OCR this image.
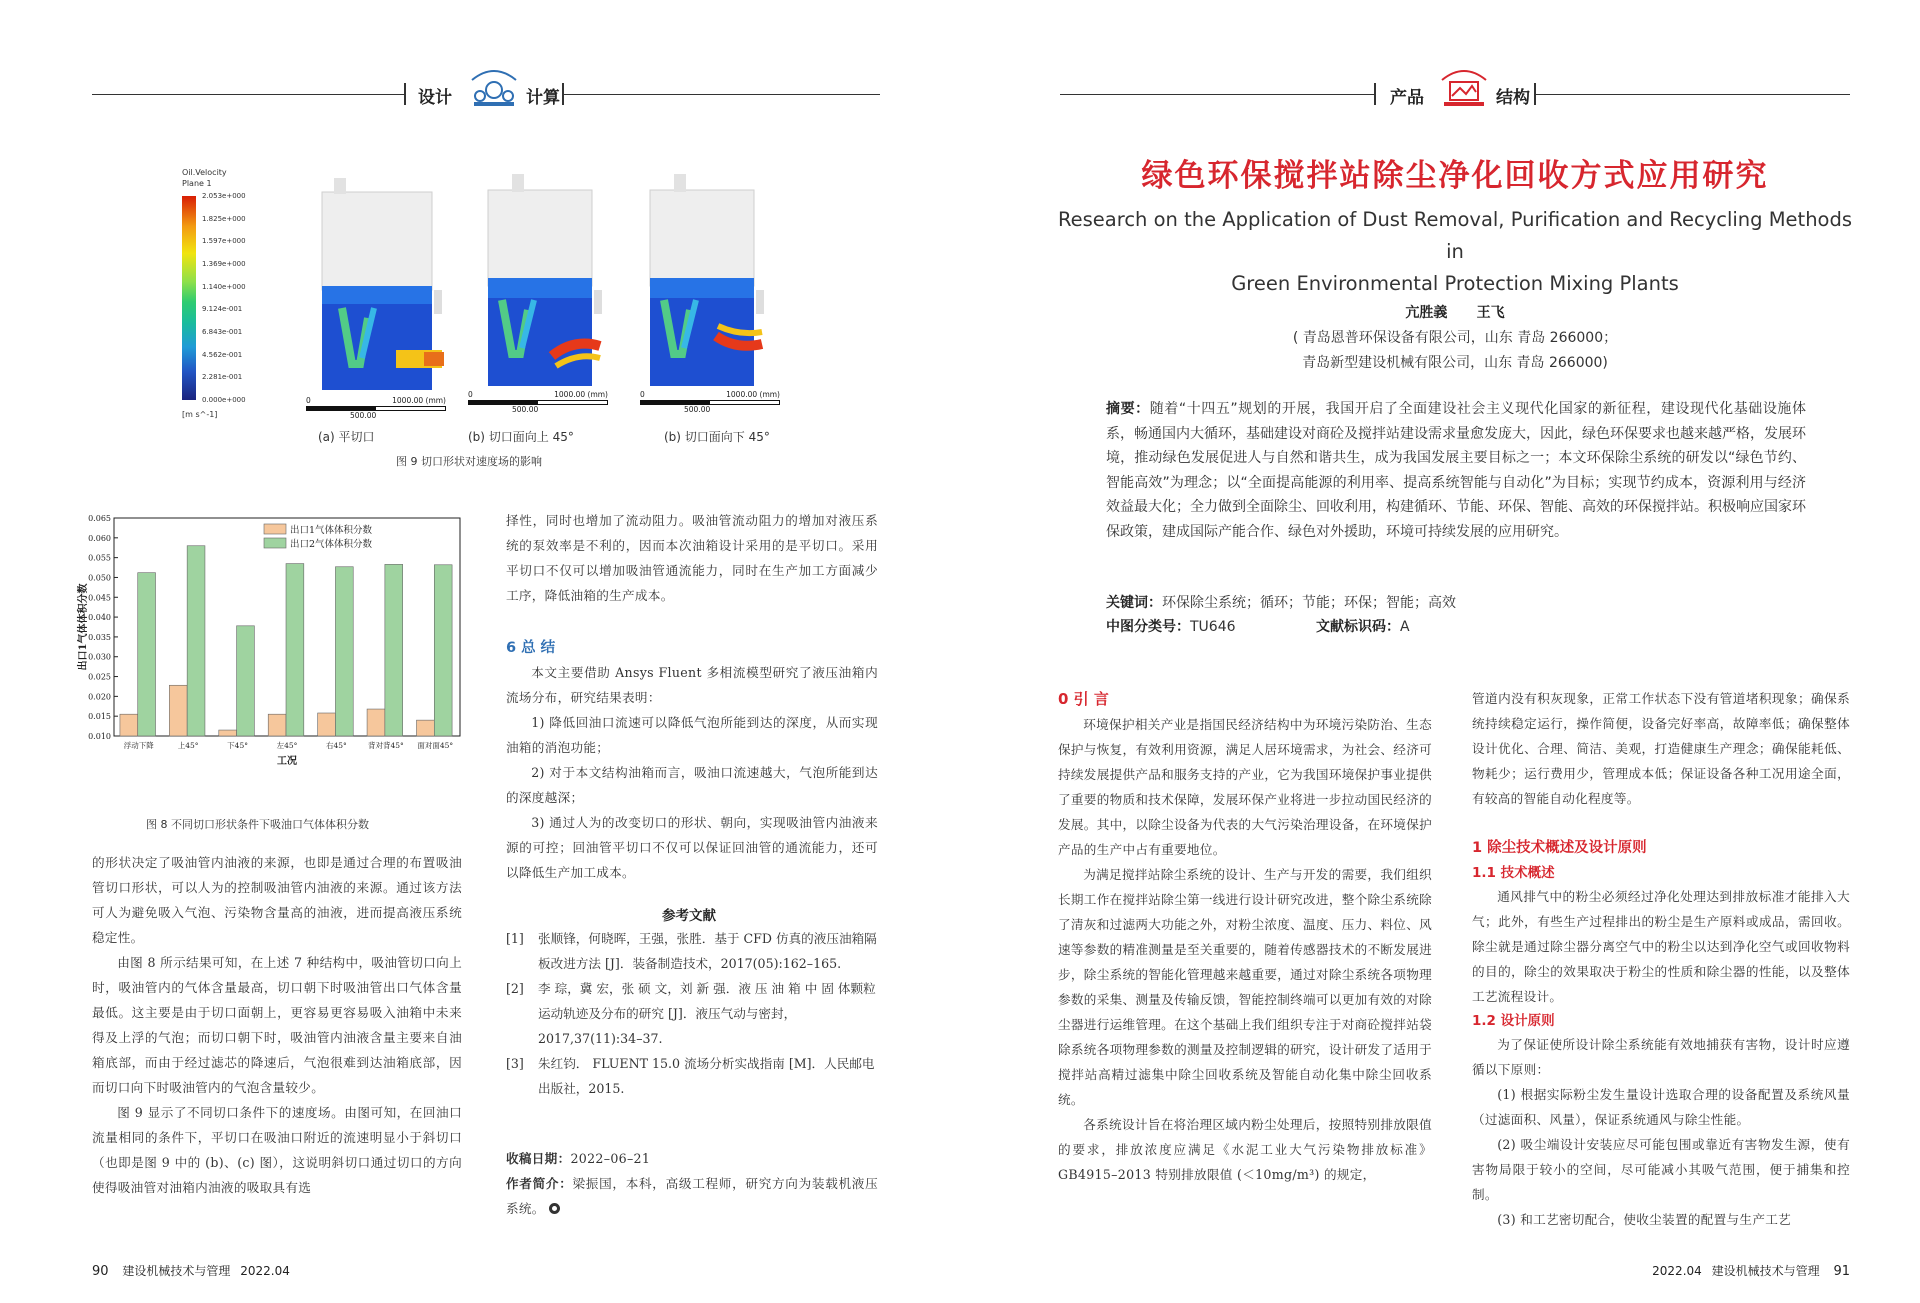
设计	计算	产品	结构
Oil.Velocity
Plane 1
2.053e+000
1.825e+000
1.597e+000
1.369e+000
1.140e+000
9.124e-001
6.843e-001
4.562e-001
2.281e-001
0.000e+000
[m s^-1]
0	1000.00 (mm)
500.00
0	1000.00 (mm)
500.00
0	1000.00 (mm)
500.00
(a) 平切口	(b) 切口面向上 45°	(b) 切口面向下 45°
图 9 切口形状对速度场的影响
0.065
0.060
0.055
0.050
0.045
0.040
0.035
0.030
0.025
0.020
0.015
0.010
出口1气体体积分数
浮动下降	上45°	下45°	左45°	右45°	背对背45° 面对面45°
工况
出口1气体体积分数
出口2气体体积分数
图 8 不同切口形状条件下吸油口气体体积分数

的形状决定了吸油管内油液的来源，也即是通过合理的布置吸油管切口形状，可以人为的控制吸油管内油液的来源。通过该方法可人为避免吸入气泡、污染物含量高的油液，进而提高液压系统稳定性。

由图 8 所示结果可知，在上述 7 种结构中，吸油管切口向上时，吸油管内的气体含量最高，切口朝下时吸油管出口气体含量最低。这主要是由于切口面朝上，更容易更容易吸入油箱中未来得及上浮的气泡；而切口朝下时，吸油管内油液含量主要来自油箱底部，而由于经过滤芯的降速后，气泡很难到达油箱底部，因而切口向下时吸油管内的气泡含量较少。

图 9 显示了不同切口条件下的速度场。由图可知，在回油口流量相同的条件下，平切口在吸油口附近的流速明显小于斜切口（也即是图 9 中的 (b)、(c) 图），这说明斜切口通过切口的方向使得吸油管对油箱内油液的吸取具有选

择性，同时也增加了流动阻力。吸油管流动阻力的增加对液压系统的泵效率是不利的，因而本次油箱设计采用的是平切口。采用平切口不仅可以增加吸油管通流能力，同时在生产加工方面减少工序，降低油箱的生产成本。

6 总 结

本文主要借助 Ansys Fluent 多相流模型研究了液压油箱内流场分布，研究结果表明：

1) 降低回油口流速可以降低气泡所能到达的深度，从而实现油箱的消泡功能；

2) 对于本文结构油箱而言，吸油口流速越大，气泡所能到达的深度越深；

3) 通过人为的改变切口的形状、朝向，实现吸油管内油液来源的可控；回油管平切口不仅可以保证回油管的通流能力，还可以降低生产加工成本。

参考文献
[1]	张顺锋，何晓晖，王强，张胜．基于 CFD 仿真的液压油箱隔板改进方法 [J]．装备制造技术，2017(05):162–165.
[2]	李 琮，冀 宏，张 硕 文，刘 新 强．液 压 油 箱 中 固 体颗粒运动轨迹及分布的研究 [J]．液压气动与密封，2017,37(11):34–37.
[3]	朱红钧． FLUENT 15.0 流场分析实战指南 [M]．人民邮电出版社，2015.
收稿日期：2022–06–21
作者简介：梁振国，本科，高级工程师，研究方向为装载机液压系统。
90 建设机械技术与管理 2022.04
绿色环保搅拌站除尘净化回收方式应用研究
Research on the Application of Dust Removal, Purification and Recycling Methods in
Green Environmental Protection Mixing Plants
亢胜義      王飞
( 青岛恩普环保设备有限公司，山东 青岛 266000；
青岛新型建设机械有限公司，山东 青岛 266000)
摘要：随着“十四五”规划的开展，我国开启了全面建设社会主义现代化国家的新征程，建设现代化基础设施体系，畅通国内大循环，基础建设对商砼及搅拌站建设需求量愈发庞大，因此，绿色环保要求也越来越严格，发展环境，推动绿色发展促进人与自然和谐共生，成为我国发展主要目标之一；本文环保除尘系统的研发以“绿色节约、智能高效”为理念；以“全面提高能源的利用率、提高系统智能与自动化”为目标；实现节约成本，资源利用与经济效益最大化；全力做到全面除尘、回收利用，构建循环、节能、环保、智能、高效的环保搅拌站。积极响应国家环保政策，建成国际产能合作、绿色对外援助，环境可持续发展的应用研究。
关键词：环保除尘系统；循环；节能；环保；智能；高效
中图分类号：TU646	文献标识码：A
0 引 言

环境保护相关产业是指国民经济结构中为环境污染防治、生态保护与恢复，有效利用资源，满足人居环境需求，为社会、经济可持续发展提供产品和服务支持的产业，它为我国环境保护事业提供了重要的物质和技术保障，发展环保产业将进一步拉动国民经济的发展。其中，以除尘设备为代表的大气污染治理设备，在环境保护产品的生产中占有重要地位。

为满足搅拌站除尘系统的设计、生产与开发的需要，我们组织长期工作在搅拌站除尘第一线进行设计研究改进，整个除尘系统除了清灰和过滤两大功能之外，对粉尘浓度、温度、压力、料位、风速等参数的精准测量是至关重要的，随着传感器技术的不断发展进步，除尘系统的智能化管理越来越重要，通过对除尘系统各项物理参数的采集、测量及传输反馈，智能控制终端可以更加有效的对除尘器进行运维管理。在这个基础上我们组织专注于对商砼搅拌站袋除系统各项物理参数的测量及控制逻辑的研究，设计研发了适用于搅拌站高精过滤集中除尘回收系统及智能自动化集中除尘回收系统。

各系统设计旨在将治理区域内粉尘处理后，按照特别排放限值的要求，排放浓度应满足《水泥工业大气污染物排放标准》GB4915–2013 特别排放限值 (＜10mg/m³) 的规定，

管道内没有积灰现象，正常工作状态下没有管道堵积现象；确保系统持续稳定运行，操作简便，设备完好率高，故障率低；确保整体设计优化、合理、简洁、美观，打造健康生产理念；确保能耗低、物耗少；运行费用少，管理成本低；保证设备各种工况用途全面，有较高的智能自动化程度等。

1 除尘技术概述及设计原则
1.1 技术概述

通风排气中的粉尘必须经过净化处理达到排放标准才能排入大气；此外，有些生产过程排出的粉尘是生产原料或成品，需回收。除尘就是通过除尘器分离空气中的粉尘以达到净化空气或回收物料的目的，除尘的效果取决于粉尘的性质和除尘器的性能，以及整体工艺流程设计。

1.2 设计原则

为了保证使所设计除尘系统能有效地捕获有害物，设计时应遵循以下原则：

(1) 根据实际粉尘发生量设计选取合理的设备配置及系统风量（过滤面积、风量），保证系统通风与除尘性能。

(2) 吸尘端设计安装应尽可能包围或靠近有害物发生源，使有害物局限于较小的空间，尽可能减小其吸气范围，便于捕集和控制。

(3) 和工艺密切配合，使收尘装置的配置与生产工艺

2022.04 建设机械技术与管理 91
